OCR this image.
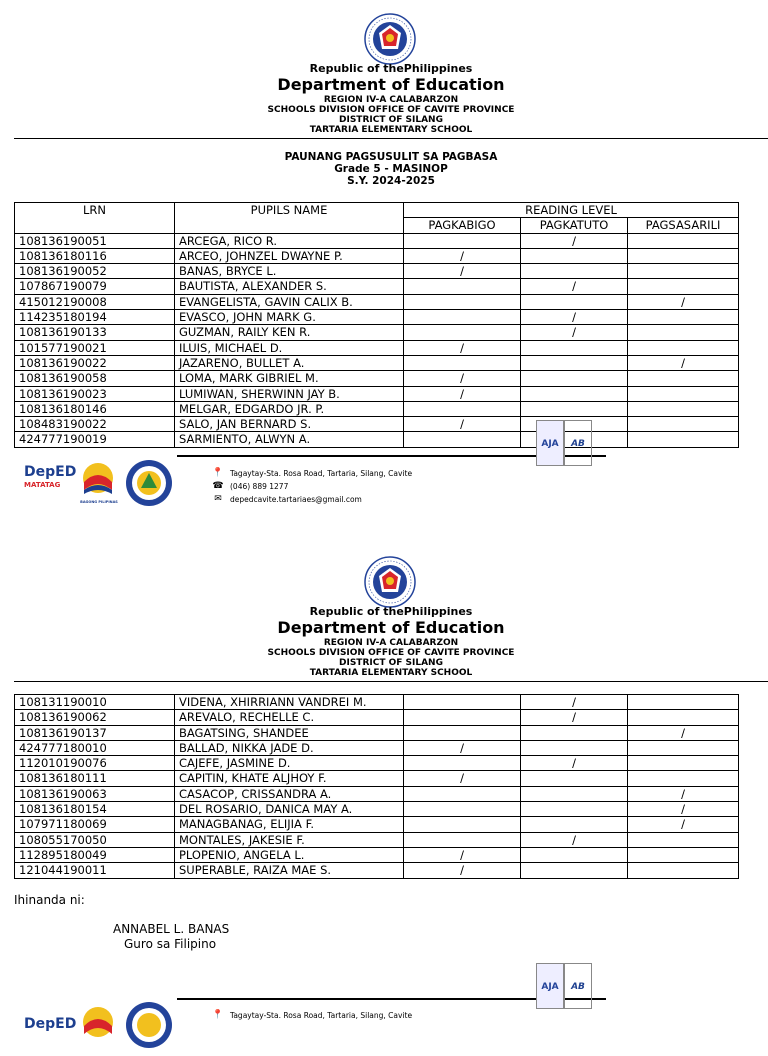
Republic of thePhilippines
Department of Education
REGION IV-A CALABARZON
SCHOOLS DIVISION OFFICE OF CAVITE PROVINCE
DISTRICT OF SILANG
TARTARIA ELEMENTARY SCHOOL
PAUNANG PAGSUSULIT SA PAGBASA
Grade 5 - MASINOP
S.Y. 2024-2025
LRN	PUPILS NAME	READING LEVEL		
		PAGKABIGO	PAGKATUTO	PAGSASARILI
108136190051	ARCEGA, RICO R.		/	
108136180116	ARCEO, JOHNZEL DWAYNE P.	/		
108136190052	BANAS, BRYCE L.	/		
107867190079	BAUTISTA, ALEXANDER S.		/	
415012190008	EVANGELISTA, GAVIN CALIX B.			/
114235180194	EVASCO, JOHN MARK G.		/	
108136190133	GUZMAN, RAILY KEN R.		/	
101577190021	ILUIS, MICHAEL D.	/		
108136190022	JAZARENO, BULLET A.			/
108136190058	LOMA, MARK GIBRIEL M.	/		
108136190023	LUMIWAN, SHERWINN JAY B.	/		
108136180146	MELGAR, EDGARDO JR. P.			
108483190022	SALO, JAN BERNARD S.	/		
424777190019	SARMIENTO, ALWYN A.			
DepED
MATATAG
BAGONG PILIPINAS
📍 Tagaytay-Sta. Rosa Road, Tartaria, Silang, Cavite
☎ (046) 889 1277
✉ depedcavite.tartariaes@gmail.com
AJA	AB
Republic of thePhilippines
Department of Education
REGION IV-A CALABARZON
SCHOOLS DIVISION OFFICE OF CAVITE PROVINCE
DISTRICT OF SILANG
TARTARIA ELEMENTARY SCHOOL
108131190010	VIDENA, XHIRRIANN VANDREI M.		/	
108136190062	AREVALO, RECHELLE C.		/	
108136190137	BAGATSING, SHANDEE			/
424777180010	BALLAD, NIKKA JADE D.	/		
112010190076	CAJEFE, JASMINE D.		/	
108136180111	CAPITIN, KHATE ALJHOY F.	/		
108136190063	CASACOP, CRISSANDRA A.			/
108136180154	DEL ROSARIO, DANICA MAY A.			/
107971180069	MANAGBANAG, ELIJIA F.			/
108055170050	MONTALES, JAKESIE F.		/	
112895180049	PLOPENIO, ANGELA L.	/		
121044190011	SUPERABLE, RAIZA MAE S.	/		
Ihinanda ni:
ANNABEL L. BANAS
Guro sa Filipino
DepED
📍 Tagaytay-Sta. Rosa Road, Tartaria, Silang, Cavite
AJA	AB
